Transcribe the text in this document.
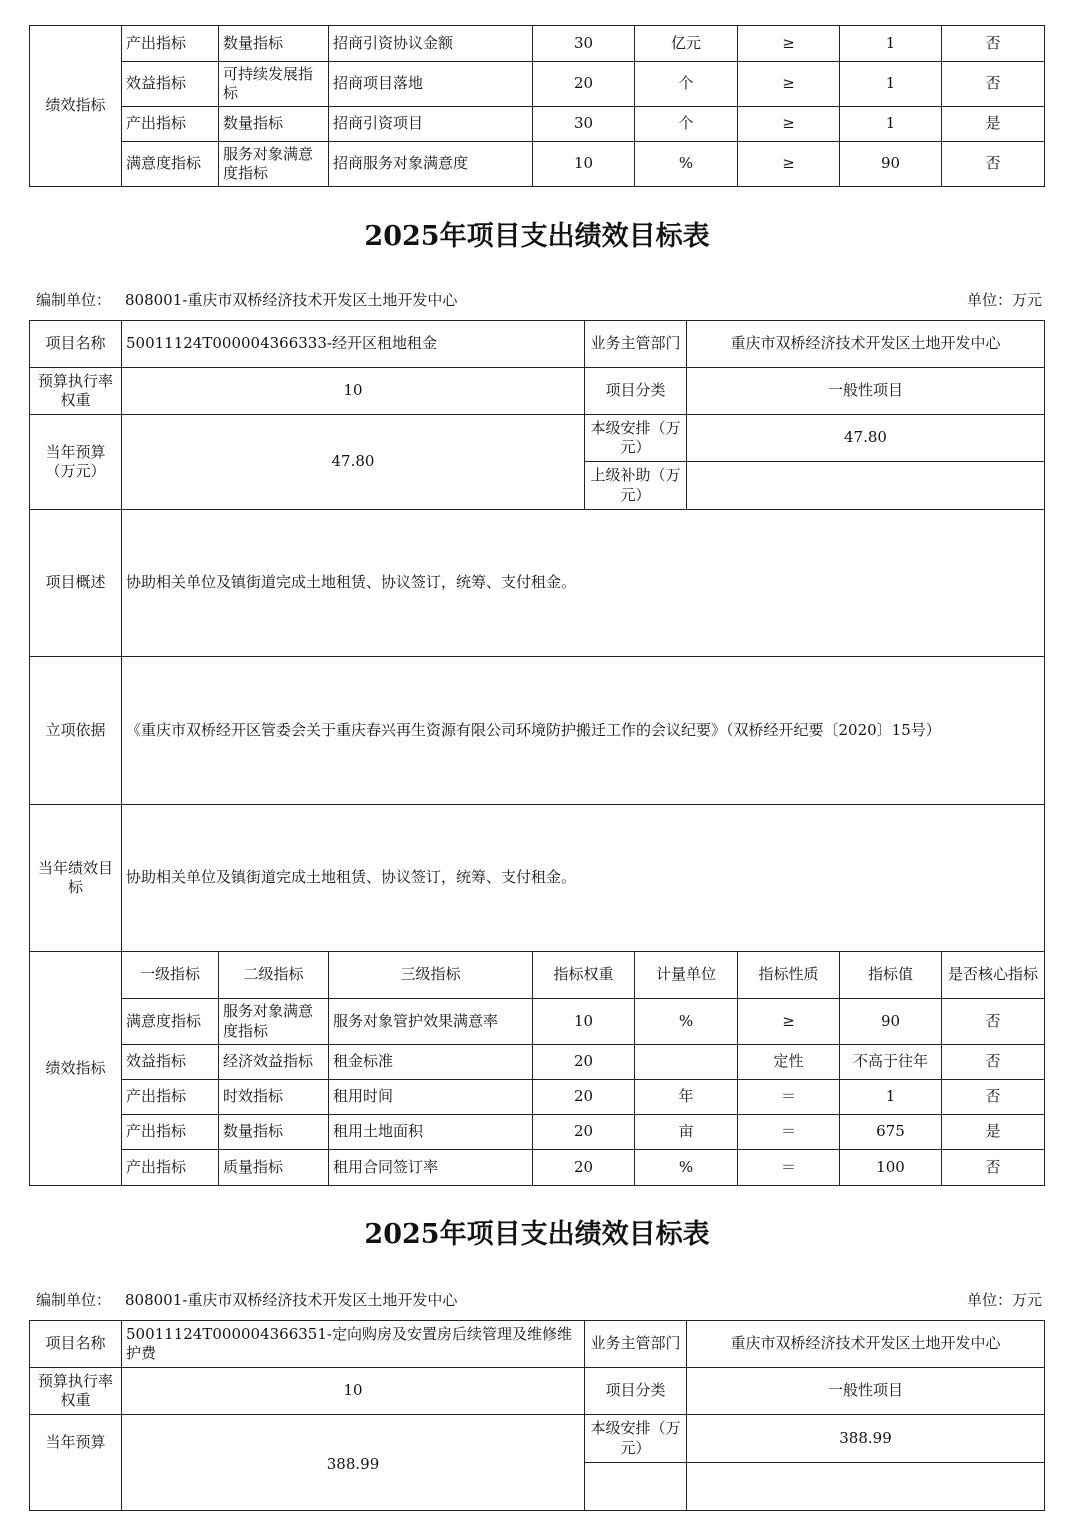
绩效指标	产出指标	数量指标	招商引资协议金额	30	亿元	≥	1	否
	效益指标	可持续发展指标	招商项目落地	20	个	≥	1	否
	产出指标	数量指标	招商引资项目	30	个	≥	1	是
	满意度指标	服务对象满意度指标	招商服务对象满意度	10	%	≥	90	否
2025年项目支出绩效目标表
编制单位： 808001-重庆市双桥经济技术开发区土地开发中心	单位：万元
项目名称	50011124T000004366333-经开区租地租金	业务主管部门	重庆市双桥经济技术开发区土地开发中心
预算执行率权重	10	项目分类	一般性项目
当年预算（万元）	47.80	本级安排（万元）	47.80
		上级补助（万元）	
项目概述	协助相关单位及镇街道完成土地租赁、协议签订，统筹、支付租金。		
立项依据	《重庆市双桥经开区管委会关于重庆春兴再生资源有限公司环境防护搬迁工作的会议纪要》（双桥经开纪要〔2020〕15号）		
当年绩效目标	协助相关单位及镇街道完成土地租赁、协议签订，统筹、支付租金。		
绩效指标	一级指标	二级指标	三级指标	指标权重	计量单位	指标性质	指标值	是否核心指标
	满意度指标	服务对象满意度指标	服务对象管护效果满意率	10	%	≥	90	否
	效益指标	经济效益指标	租金标准	20		定性	不高于往年	否
	产出指标	时效指标	租用时间	20	年	＝	1	否
	产出指标	数量指标	租用土地面积	20	亩	＝	675	是
	产出指标	质量指标	租用合同签订率	20	%	＝	100	否
2025年项目支出绩效目标表
编制单位： 808001-重庆市双桥经济技术开发区土地开发中心	单位：万元
项目名称	50011124T000004366351-定向购房及安置房后续管理及维修维护费	业务主管部门	重庆市双桥经济技术开发区土地开发中心
预算执行率权重	10	项目分类	一般性项目
当年预算	388.99	本级安排（万元）	388.99
